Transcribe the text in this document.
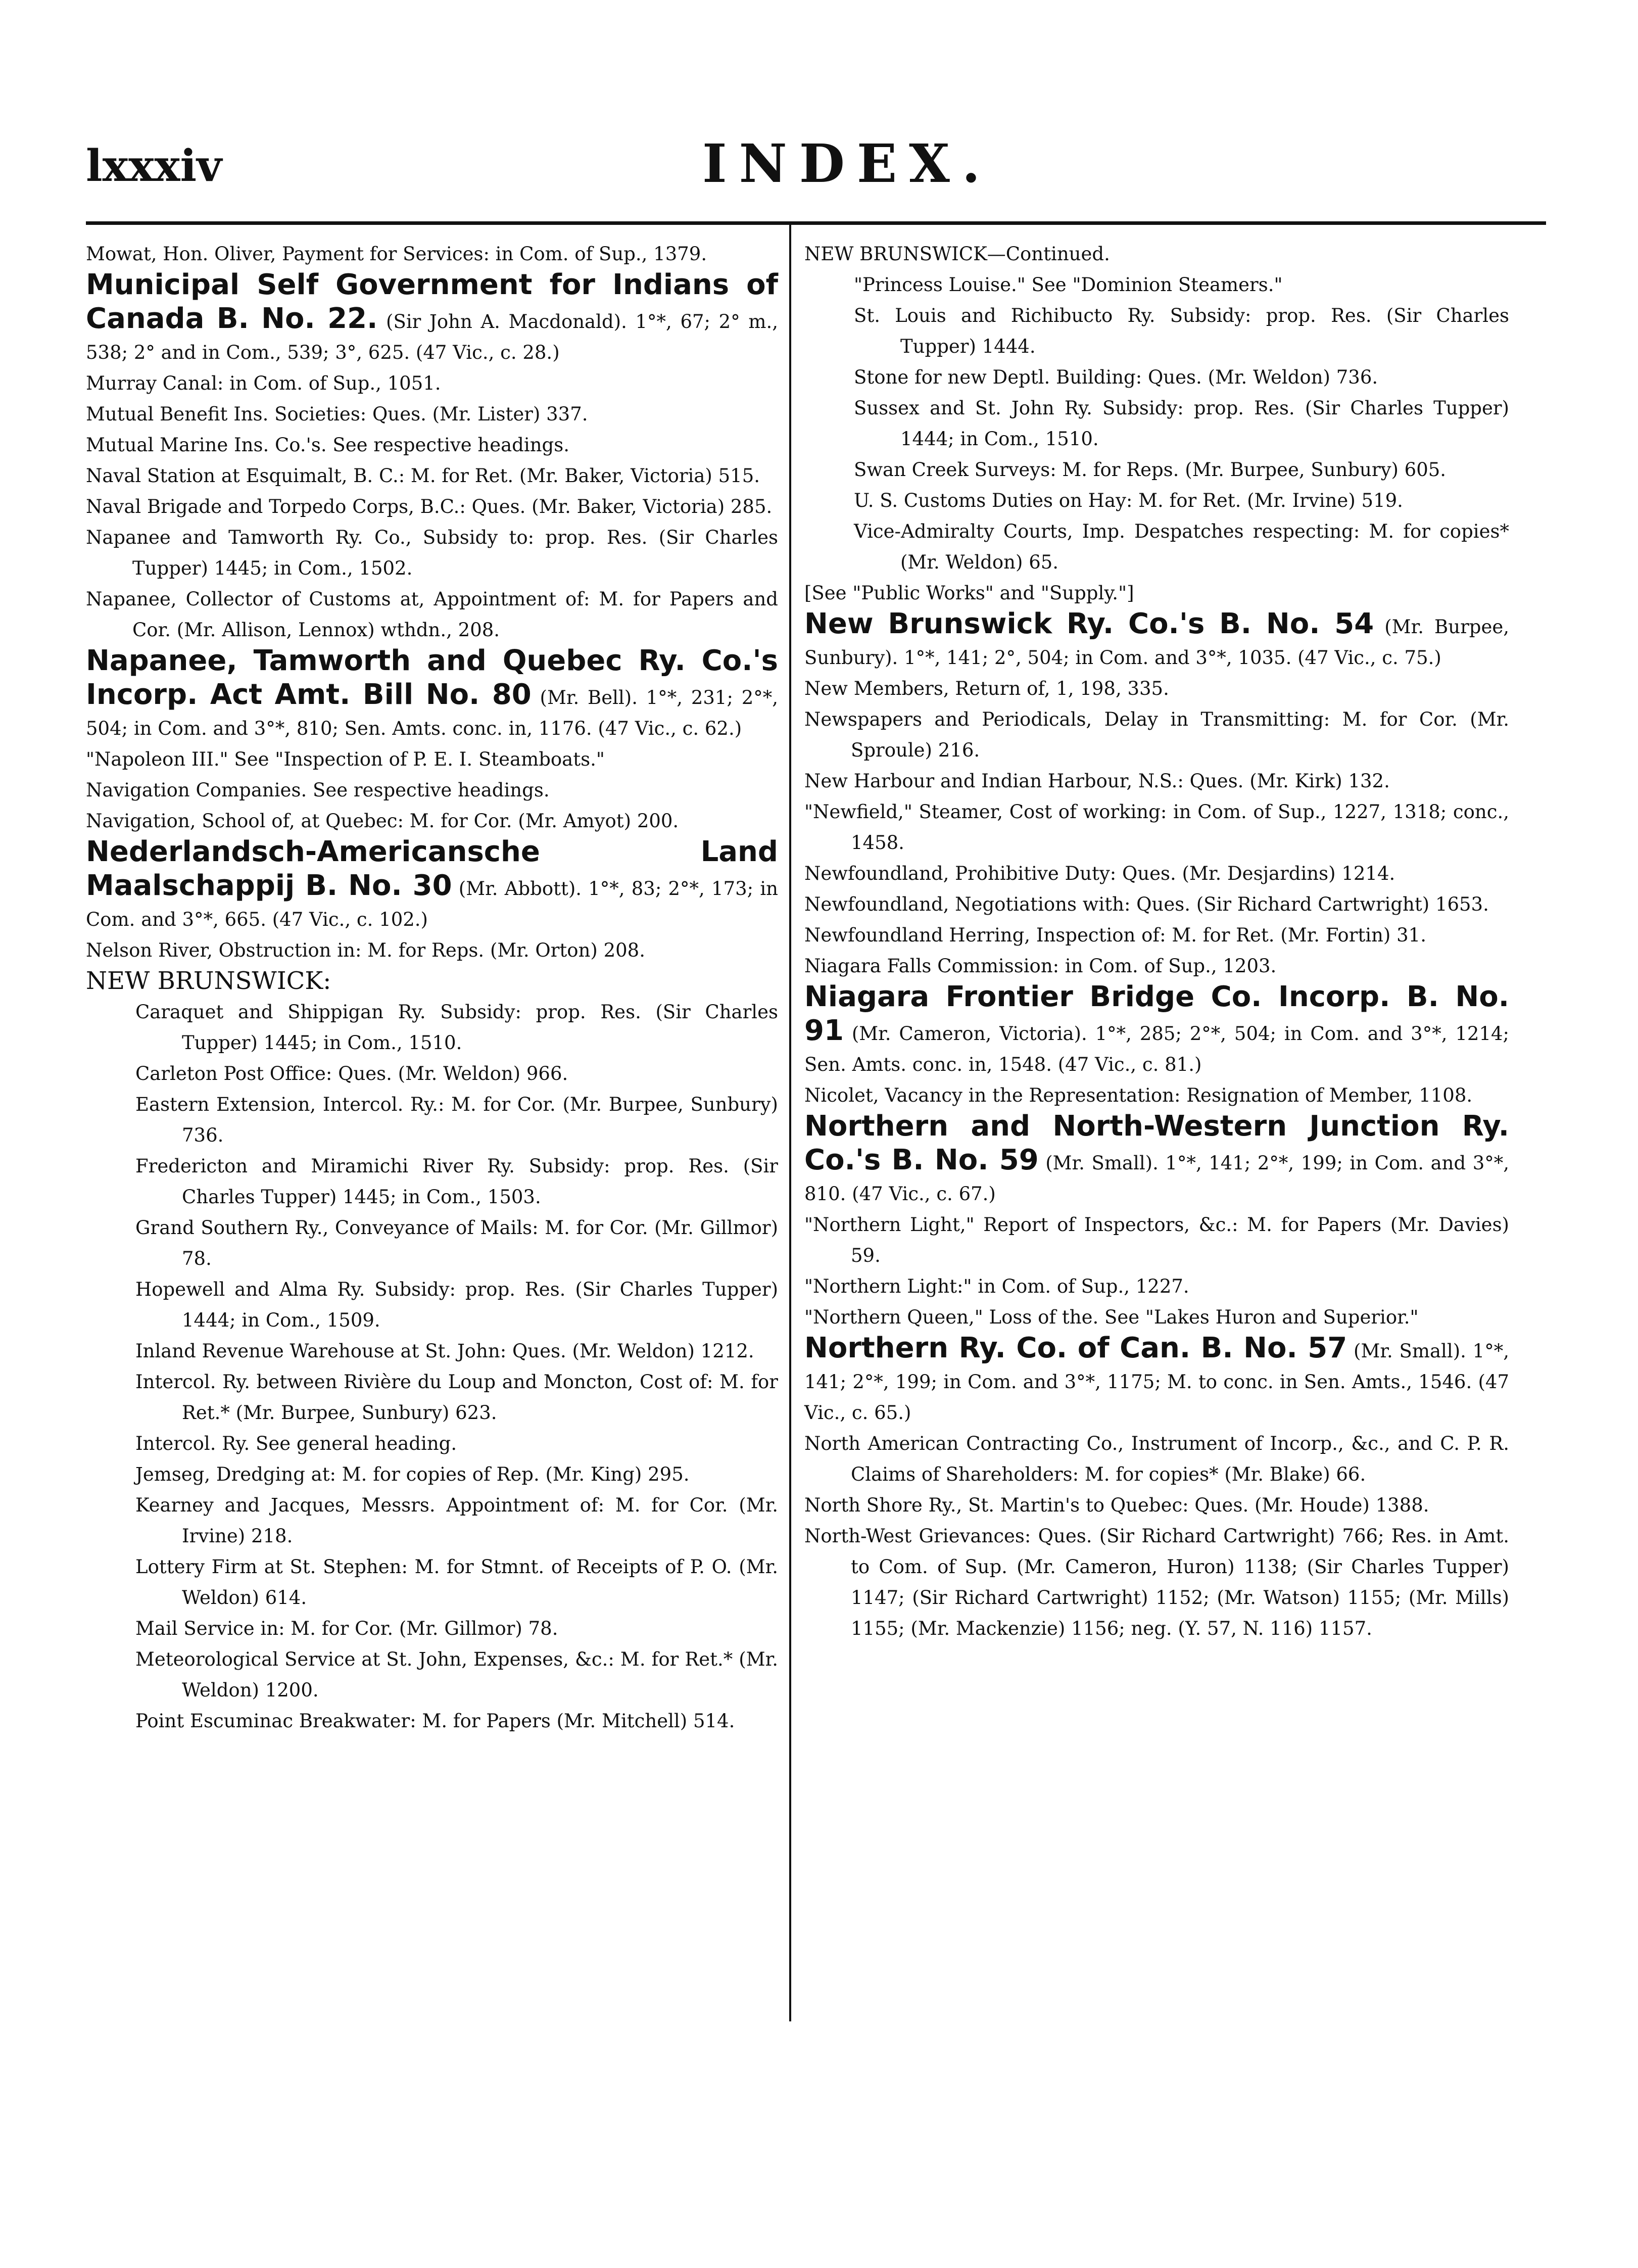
lxxxiv	INDEX.

Mowat, Hon. Oliver, Payment for Services: in Com. of Sup., 1379.

Municipal Self Government for Indians of Canada B. No. 22. (Sir John A. Macdonald). 1°*, 67; 2° m., 538; 2° and in Com., 539; 3°, 625. (47 Vic., c. 28.)

Murray Canal: in Com. of Sup., 1051.

Mutual Benefit Ins. Societies: Ques. (Mr. Lister) 337.

Mutual Marine Ins. Co.'s. See respective headings.

Naval Station at Esquimalt, B. C.: M. for Ret. (Mr. Baker, Victoria) 515.

Naval Brigade and Torpedo Corps, B.C.: Ques. (Mr. Baker, Victoria) 285.

Napanee and Tamworth Ry. Co., Subsidy to: prop. Res. (Sir Charles Tupper) 1445; in Com., 1502.

Napanee, Collector of Customs at, Appointment of: M. for Papers and Cor. (Mr. Allison, Lennox) wthdn., 208.

Napanee, Tamworth and Quebec Ry. Co.'s Incorp. Act Amt. Bill No. 80 (Mr. Bell). 1°*, 231; 2°*, 504; in Com. and 3°*, 810; Sen. Amts. conc. in, 1176. (47 Vic., c. 62.)

"Napoleon III." See "Inspection of P. E. I. Steamboats."

Navigation Companies. See respective headings.

Navigation, School of, at Quebec: M. for Cor. (Mr. Amyot) 200.

Nederlandsch-Americansche Land Maalschappij B. No. 30 (Mr. Abbott). 1°*, 83; 2°*, 173; in Com. and 3°*, 665. (47 Vic., c. 102.)

Nelson River, Obstruction in: M. for Reps. (Mr. Orton) 208.

NEW BRUNSWICK:

Caraquet and Shippigan Ry. Subsidy: prop. Res. (Sir Charles Tupper) 1445; in Com., 1510.

Carleton Post Office: Ques. (Mr. Weldon) 966.

Eastern Extension, Intercol. Ry.: M. for Cor. (Mr. Burpee, Sunbury) 736.

Fredericton and Miramichi River Ry. Subsidy: prop. Res. (Sir Charles Tupper) 1445; in Com., 1503.

Grand Southern Ry., Conveyance of Mails: M. for Cor. (Mr. Gillmor) 78.

Hopewell and Alma Ry. Subsidy: prop. Res. (Sir Charles Tupper) 1444; in Com., 1509.

Inland Revenue Warehouse at St. John: Ques. (Mr. Weldon) 1212.

Intercol. Ry. between Rivière du Loup and Moncton, Cost of: M. for Ret.* (Mr. Burpee, Sunbury) 623.

Intercol. Ry. See general heading.

Jemseg, Dredging at: M. for copies of Rep. (Mr. King) 295.

Kearney and Jacques, Messrs. Appointment of: M. for Cor. (Mr. Irvine) 218.

Lottery Firm at St. Stephen: M. for Stmnt. of Receipts of P. O. (Mr. Weldon) 614.

Mail Service in: M. for Cor. (Mr. Gillmor) 78.

Meteorological Service at St. John, Expenses, &c.: M. for Ret.* (Mr. Weldon) 1200.

Point Escuminac Breakwater: M. for Papers (Mr. Mitchell) 514.

NEW BRUNSWICK—Continued.

"Princess Louise." See "Dominion Steamers."

St. Louis and Richibucto Ry. Subsidy: prop. Res. (Sir Charles Tupper) 1444.

Stone for new Deptl. Building: Ques. (Mr. Weldon) 736.

Sussex and St. John Ry. Subsidy: prop. Res. (Sir Charles Tupper) 1444; in Com., 1510.

Swan Creek Surveys: M. for Reps. (Mr. Burpee, Sunbury) 605.

U. S. Customs Duties on Hay: M. for Ret. (Mr. Irvine) 519.

Vice-Admiralty Courts, Imp. Despatches respecting: M. for copies* (Mr. Weldon) 65.

[See "Public Works" and "Supply."]

New Brunswick Ry. Co.'s B. No. 54 (Mr. Burpee, Sunbury). 1°*, 141; 2°, 504; in Com. and 3°*, 1035. (47 Vic., c. 75.)

New Members, Return of, 1, 198, 335.

Newspapers and Periodicals, Delay in Transmitting: M. for Cor. (Mr. Sproule) 216.

New Harbour and Indian Harbour, N.S.: Ques. (Mr. Kirk) 132.

"Newfield," Steamer, Cost of working: in Com. of Sup., 1227, 1318; conc., 1458.

Newfoundland, Prohibitive Duty: Ques. (Mr. Desjardins) 1214.

Newfoundland, Negotiations with: Ques. (Sir Richard Cartwright) 1653.

Newfoundland Herring, Inspection of: M. for Ret. (Mr. Fortin) 31.

Niagara Falls Commission: in Com. of Sup., 1203.

Niagara Frontier Bridge Co. Incorp. B. No. 91 (Mr. Cameron, Victoria). 1°*, 285; 2°*, 504; in Com. and 3°*, 1214; Sen. Amts. conc. in, 1548. (47 Vic., c. 81.)

Nicolet, Vacancy in the Representation: Resignation of Member, 1108.

Northern and North-Western Junction Ry. Co.'s B. No. 59 (Mr. Small). 1°*, 141; 2°*, 199; in Com. and 3°*, 810. (47 Vic., c. 67.)

"Northern Light," Report of Inspectors, &c.: M. for Papers (Mr. Davies) 59.

"Northern Light:" in Com. of Sup., 1227.

"Northern Queen," Loss of the. See "Lakes Huron and Superior."

Northern Ry. Co. of Can. B. No. 57 (Mr. Small). 1°*, 141; 2°*, 199; in Com. and 3°*, 1175; M. to conc. in Sen. Amts., 1546. (47 Vic., c. 65.)

North American Contracting Co., Instrument of Incorp., &c., and C. P. R. Claims of Shareholders: M. for copies* (Mr. Blake) 66.

North Shore Ry., St. Martin's to Quebec: Ques. (Mr. Houde) 1388.

North-West Grievances: Ques. (Sir Richard Cartwright) 766; Res. in Amt. to Com. of Sup. (Mr. Cameron, Huron) 1138; (Sir Charles Tupper) 1147; (Sir Richard Cartwright) 1152; (Mr. Watson) 1155; (Mr. Mills) 1155; (Mr. Mackenzie) 1156; neg. (Y. 57, N. 116) 1157.
